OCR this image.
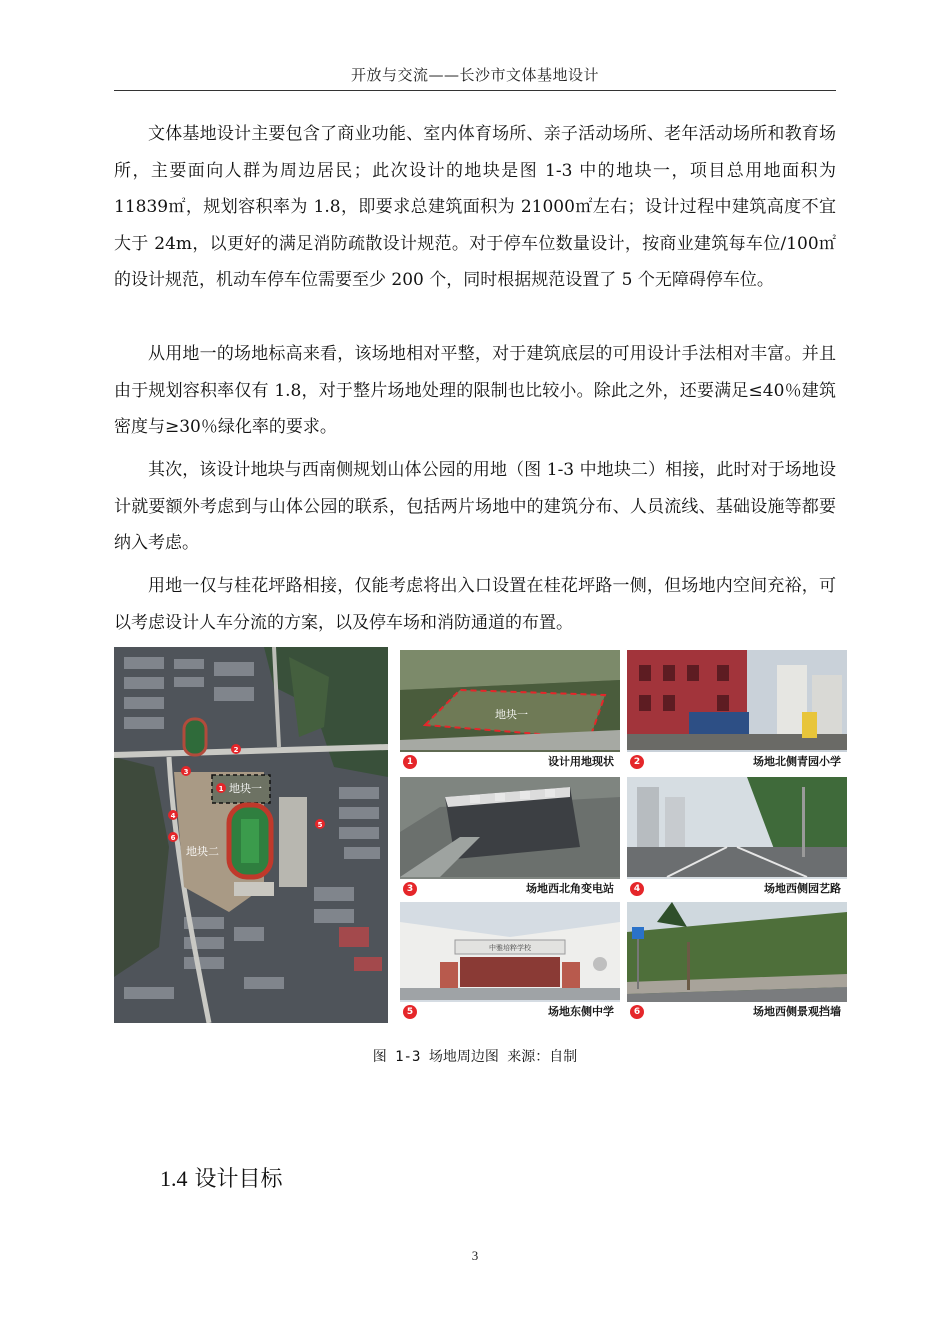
开放与交流——长沙市文体基地设计

文体基地设计主要包含了商业功能、室内体育场所、亲子活动场所、老年活动场所和教育场所，主要面向人群为周边居民；此次设计的地块是图 1-3 中的地块一，项目总用地面积为 11839㎡，规划容积率为 1.8，即要求总建筑面积为 21000㎡左右；设计过程中建筑高度不宜大于 24m，以更好的满足消防疏散设计规范。对于停车位数量设计，按商业建筑每车位/100㎡的设计规范，机动车停车位需要至少 200 个，同时根据规范设置了 5 个无障碍停车位。

从用地一的场地标高来看，该场地相对平整，对于建筑底层的可用设计手法相对丰富。并且由于规划容积率仅有 1.8，对于整片场地处理的限制也比较小。除此之外，还要满足≤40％建筑密度与≥30％绿化率的要求。

其次，该设计地块与西南侧规划山体公园的用地（图 1-3 中地块二）相接，此时对于场地设计就要额外考虑到与山体公园的联系，包括两片场地中的建筑分布、人员流线、基础设施等都要纳入考虑。

用地一仅与桂花坪路相接，仅能考虑将出入口设置在桂花坪路一侧，但场地内空间充裕，可以考虑设计人车分流的方案，以及停车场和消防通道的布置。

地块一
地块二
1
2
3
4
5
6
地块一
设计用地现状
1	场地北侧青园小学
2
场地西北角变电站
3	场地西侧园艺路
4
中雅培粹学校
场地东侧中学
5	场地西侧景观挡墙
6
图 1-3 场地周边图 来源：自制
1.4 设计目标
3
